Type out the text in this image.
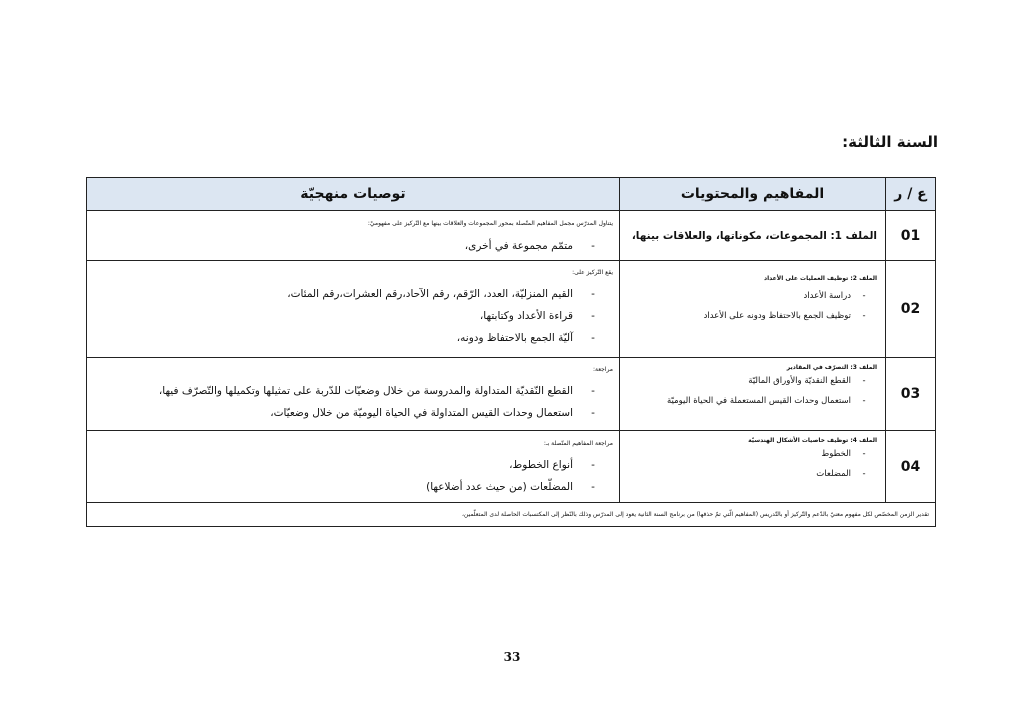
السنة الثالثة:
ع / ر
المفاهيم والمحتويات
توصيات منهجيّة
01
الملف 1: المجموعات، مكوناتها، والعلاقات بينها،
يتناول المدرّس مجمل المفاهيم المتّصلة بمحور المجموعات والعلاقات بينها مع التّركيز على مفهوميْ:
-
متمّم مجموعة في أخرى،
02
الملف 2: توظيف العمليات على الأعداد
-
دراسة الأعداد
-
توظيف الجمع بالاحتفاظ ودونه على الأعداد
يقع التّركيز على:
-
القيم المنزليّة، العدد، الرّقم، رقم الآحاد،رقم العشرات،رقم المئات،
-
قراءة الأعداد وكتابتها،
-
آليّة الجمع بالاحتفاظ ودونه،
03
الملف 3: التصرّف في المقادير
-
القطع النقديّة والأوراق الماليّة
-
استعمال وحدات القيس المستعملة في الحياة اليوميّة
مراجعة:
-
القطع النّقديّة المتداولة والمدروسة من خلال وضعيّات للدّربة على تمثيلها وتكميلها والتّصرّف فيها،
-
استعمال وحدات القيس المتداولة في الحياة اليوميّة من خلال وضعيّات،
04
الملف 4: توظيف خاصيات الأشكال الهندسيّة
-
الخطوط
-
المضلعات
مراجعة المفاهيم المتّصلة بـ:
-
أنواع الخطوط،
-
المضلّعات (من حيث عدد أضلاعها)
تقدير الزمن المخصّص لكل مفهوم معنيّ بالدّعم والتّركيز أو بالتّدريس (المفاهيم الّتي تمّ حذفها) من برنامج السنة الثانية يعود إلى المدرّس وذلك بالنّظر إلى المكتسبات الحاصلة لدى المتعلّمين،
33
